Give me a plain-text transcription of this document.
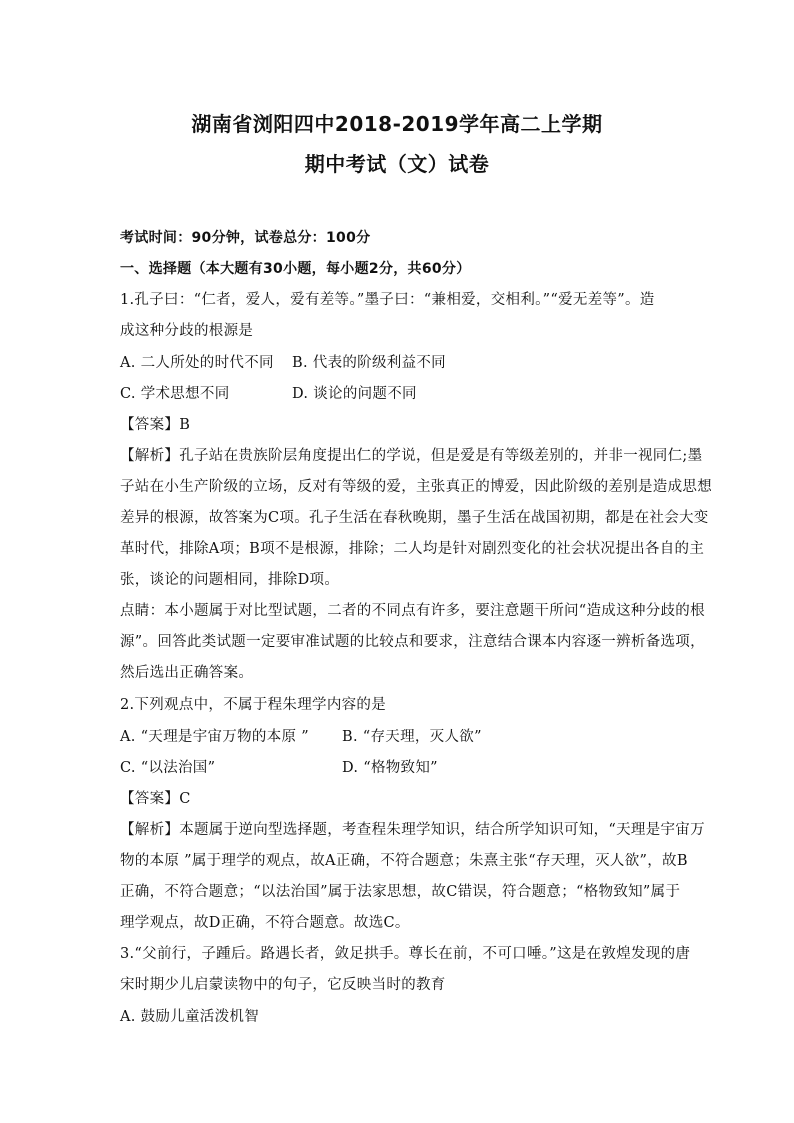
湖南省浏阳四中2018-2019学年高二上学期
期中考试（文）试卷
考试时间：90分钟，试卷总分：100分
一、选择题（本大题有30小题，每小题2分，共60分）
1.孔子曰：“仁者，爱人，爱有差等。”墨子曰：“兼相爱，交相利。”“爱无差等”。造
成这种分歧的根源是
A. 二人所处的时代不同 B. 代表的阶级利益不同
C. 学术思想不同	D. 谈论的问题不同
【答案】B
【解析】孔子站在贵族阶层角度提出仁的学说，但是爱是有等级差别的，并非一视同仁;墨
子站在小生产阶级的立场，反对有等级的爱，主张真正的博爱，因此阶级的差别是造成思想
差异的根源，故答案为C项。孔子生活在春秋晚期，墨子生活在战国初期，都是在社会大变
革时代，排除A项；B项不是根源，排除；二人均是针对剧烈变化的社会状况提出各自的主
张，谈论的问题相同，排除D项。
点睛：本小题属于对比型试题，二者的不同点有许多，要注意题干所问“造成这种分歧的根
源”。回答此类试题一定要审准试题的比较点和要求，注意结合课本内容逐一辨析备选项，
然后选出正确答案。
2.下列观点中，不属于程朱理学内容的是
A. “天理是宇宙万物的本原 ” B. “存天理，灭人欲”
C. “以法治国”	D. “格物致知”
【答案】C
【解析】本题属于逆向型选择题，考查程朱理学知识，结合所学知识可知，“天理是宇宙万
物的本原 ”属于理学的观点，故A正确，不符合题意；朱熹主张“存天理，灭人欲”，故B
正确，不符合题意；“以法治国”属于法家思想，故C错误，符合题意；“格物致知”属于
理学观点，故D正确，不符合题意。故选C。
3.“父前行，子踵后。路遇长者，敛足拱手。尊长在前，不可口唾。”这是在敦煌发现的唐
宋时期少儿启蒙读物中的句子，它反映当时的教育
A. 鼓励儿童活泼机智
